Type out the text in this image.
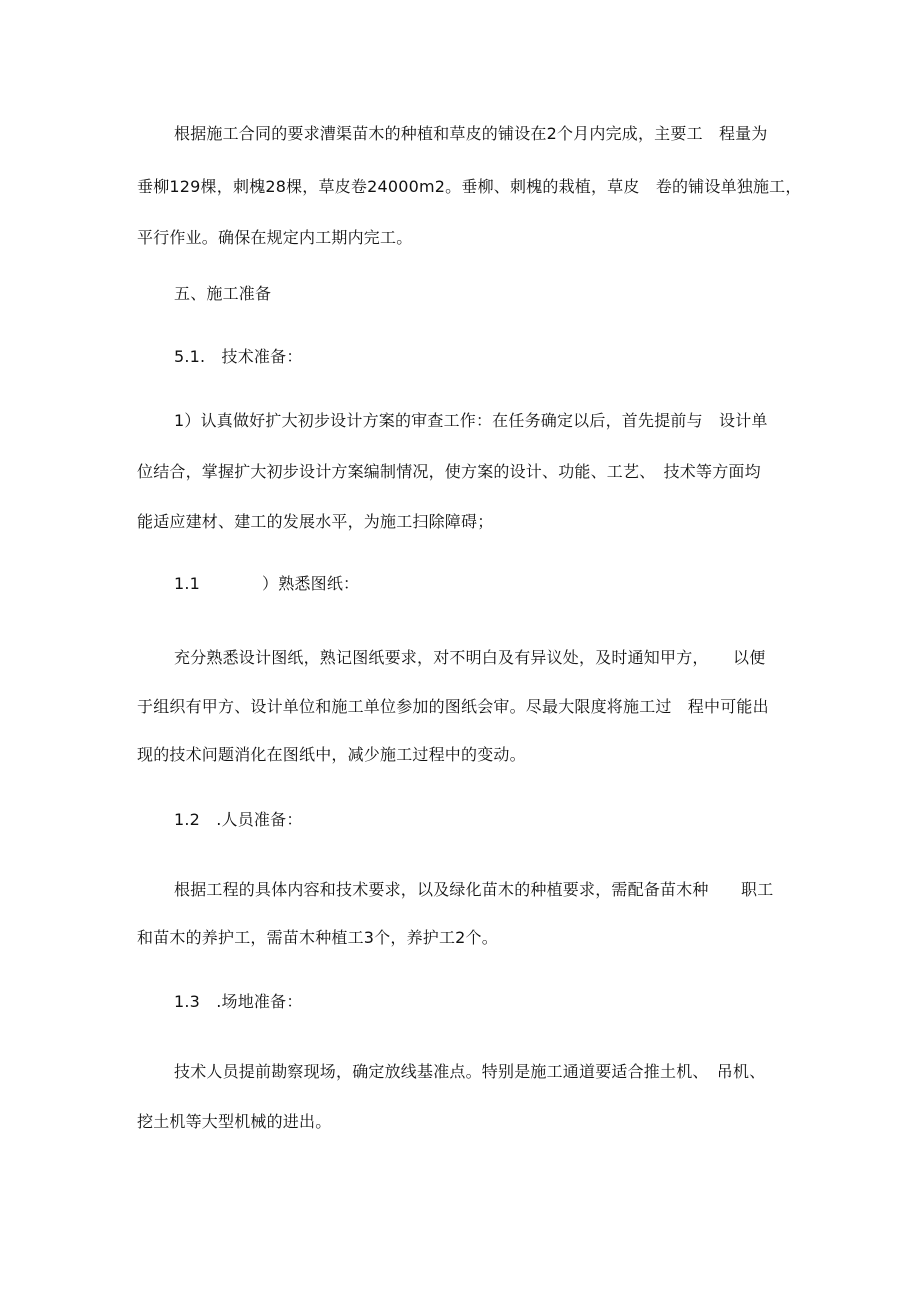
根据施工合同的要求漕渠苗木的种植和草皮的铺设在2个月内完成，主要工　程量为
垂柳129棵，刺槐28棵，草皮卷24000m2。垂柳、刺槐的栽植，草皮　卷的铺设单独施工，
平行作业。确保在规定内工期内完工。
五、施工准备
5.1.　技术准备：
1）认真做好扩大初步设计方案的审查工作：在任务确定以后，首先提前与　设计单
位结合，掌握扩大初步设计方案编制情况，使方案的设计、功能、工艺、　技术等方面均
能适应建材、建工的发展水平，为施工扫除障碍；
1.1	）熟悉图纸：
充分熟悉设计图纸，熟记图纸要求，对不明白及有异议处，及时通知甲方，　　以便
于组织有甲方、设计单位和施工单位参加的图纸会审。尽最大限度将施工过　程中可能出
现的技术问题消化在图纸中，减少施工过程中的变动。
1.2　.人员准备：
根据工程的具体内容和技术要求，以及绿化苗木的种植要求，需配备苗木种　　职工
和苗木的养护工，需苗木种植工3个，养护工2个。
1.3　.场地准备：
技术人员提前勘察现场，确定放线基准点。特别是施工通道要适合推土机、　吊机、
挖土机等大型机械的进出。
